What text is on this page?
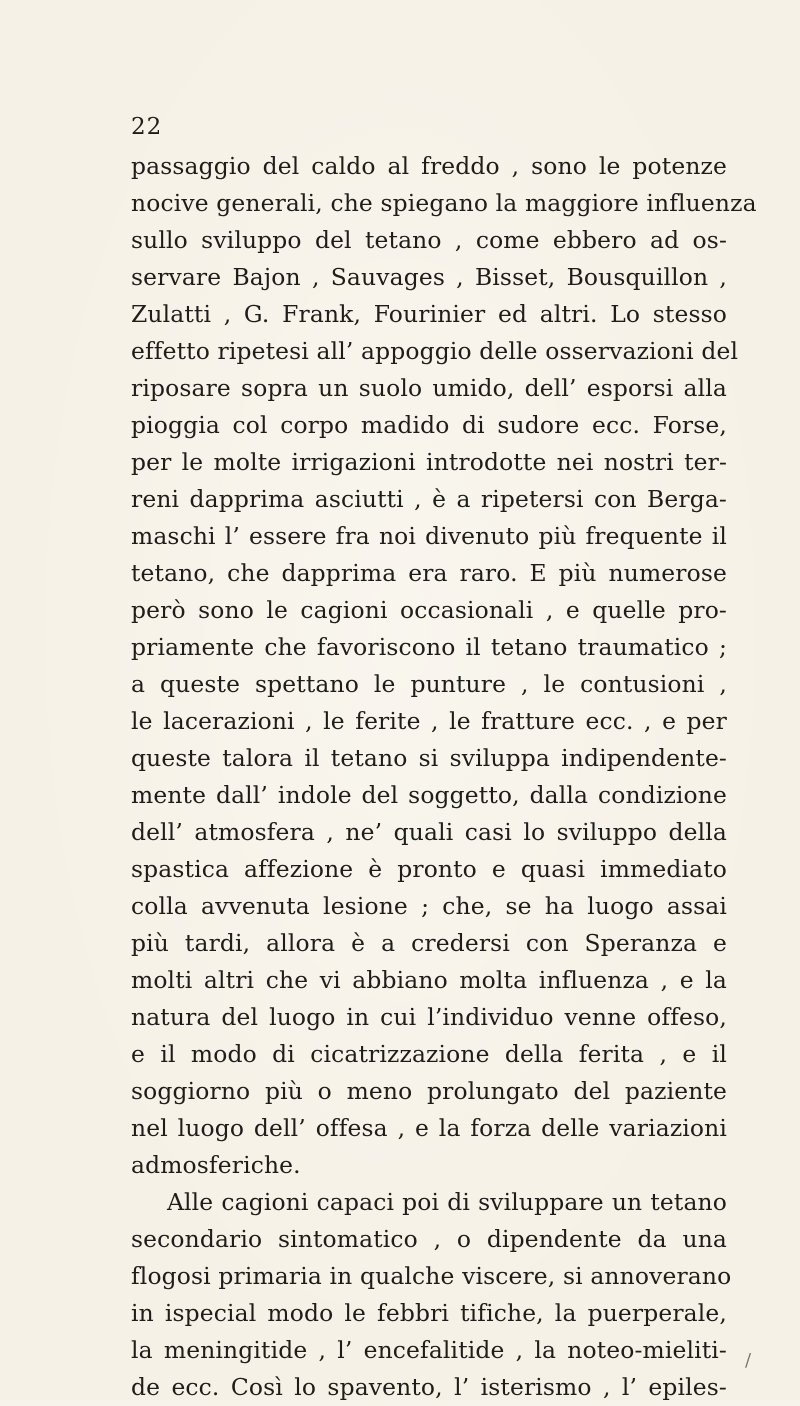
22
passaggio del caldo al freddo , sono le potenze
nocive generali, che spiegano la maggiore influenza
sullo sviluppo del tetano , come ebbero ad os-
servare Bajon , Sauvages , Bisset, Bousquillon ,
Zulatti , G. Frank, Fourinier ed altri. Lo stesso
effetto ripetesi all’ appoggio delle osservazioni del
riposare sopra un suolo umido, dell’ esporsi alla
pioggia col corpo madido di sudore ecc. Forse,
per le molte irrigazioni introdotte nei nostri ter-
reni dapprima asciutti , è a ripetersi con Berga-
maschi l’ essere fra noi divenuto più frequente il
tetano, che dapprima era raro. E più numerose
però sono le cagioni occasionali , e quelle pro-
priamente che favoriscono il tetano traumatico ;
a queste spettano le punture , le contusioni ,
le lacerazioni , le ferite , le fratture ecc. , e per
queste talora il tetano si sviluppa indipendente-
mente dall’ indole del soggetto, dalla condizione
dell’ atmosfera , ne’ quali casi lo sviluppo della
spastica affezione è pronto e quasi immediato
colla avvenuta lesione ; che, se ha luogo assai
più tardi, allora è a credersi con Speranza e
molti altri che vi abbiano molta influenza , e la
natura del luogo in cui l’individuo venne offeso,
e il modo di cicatrizzazione della ferita , e il
soggiorno più o meno prolungato del paziente
nel luogo dell’ offesa , e la forza delle variazioni
admosferiche.
Alle cagioni capaci poi di sviluppare un tetano
secondario sintomatico , o dipendente da una
flogosi primaria in qualche viscere, si annoverano
in ispecial modo le febbri tifiche, la puerperale,
la meningitide , l’ encefalitide , la noteo-mieliti-
de ecc. Così lo spavento, l’ isterismo , l’ epiles-
/
